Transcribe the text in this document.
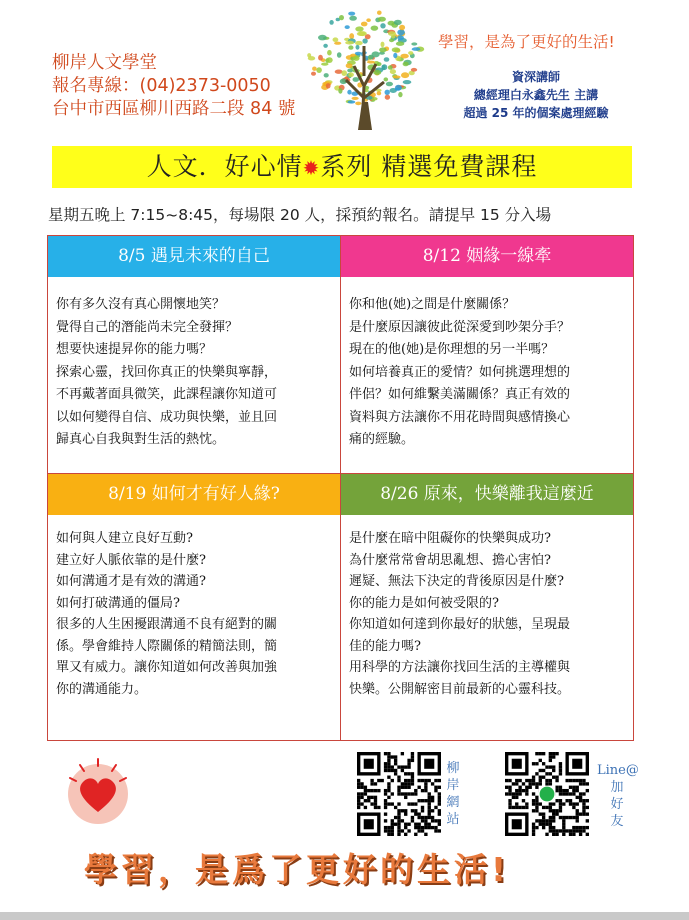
柳岸人文學堂
報名專線：(04)2373-0050
台中市西區柳川西路二段 84 號
學習，是為了更好的生活!
資深講師
總經理白永鑫先生 主講
超過 25 年的個案處理經驗
人文．好心情✹系列 精選免費課程
星期五晚上 7:15~8:45，每場限 20 人，採預約報名。請提早 15 分入場
8/5 遇見未來的自己
你有多久沒有真心開懷地笑？
覺得自己的潛能尚未完全發揮？
想要快速提昇你的能力嗎？
探索心靈，找回你真正的快樂與寧靜，
不再戴著面具微笑，此課程讓你知道可
以如何變得自信、成功與快樂，並且回
歸真心自我與對生活的熱忱。
8/12 姻緣一線牽
你和他(她)之間是什麼關係？
是什麼原因讓彼此從深愛到吵架分手？
現在的他(她)是你理想的另一半嗎？
如何培養真正的愛情？如何挑選理想的
伴侶？如何維繫美滿關係？真正有效的
資料與方法讓你不用花時間與感情換心
痛的經驗。
8/19 如何才有好人緣?
如何與人建立良好互動?
建立好人脈依靠的是什麼?
如何溝通才是有效的溝通?
如何打破溝通的僵局?
很多的人生困擾跟溝通不良有絕對的關
係。學會維持人際關係的精簡法則，簡
單又有威力。讓你知道如何改善與加強
你的溝通能力。
8/26 原來，快樂離我這麼近
是什麼在暗中阻礙你的快樂與成功?
為什麼常常會胡思亂想、擔心害怕?
遲疑、無法下決定的背後原因是什麼?
你的能力是如何被受限的?
你知道如何達到你最好的狀態，呈現最
佳的能力嗎?
用科學的方法讓你找回生活的主導權與
快樂。公開解密目前最新的心靈科技。
柳岸網站
Line@
加好友
學習，是爲了更好的生活!
